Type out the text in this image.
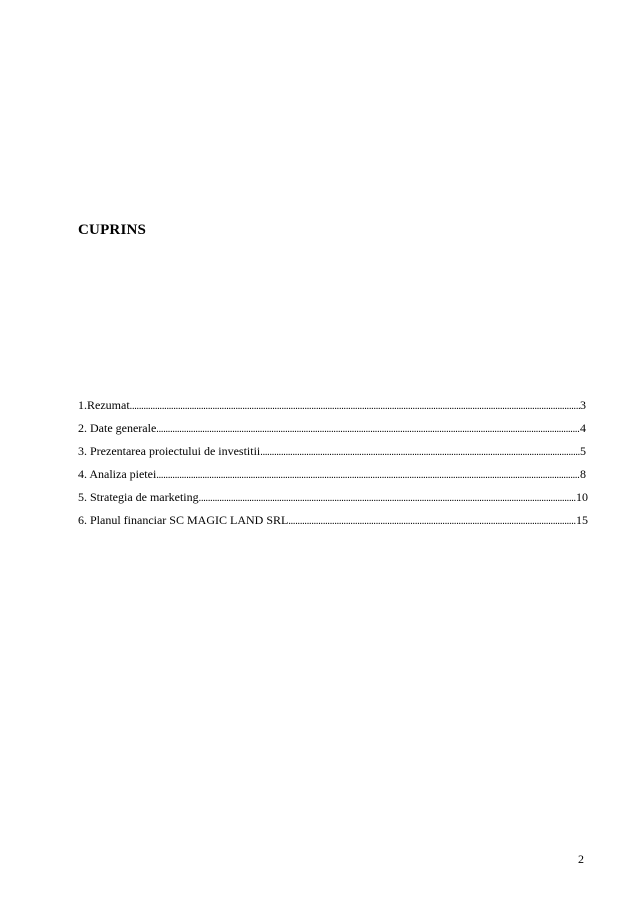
CUPRINS
1.Rezumat .....	3
2. Date generale .....	4
3. Prezentarea proiectului de investitii .....	5
4. Analiza pietei .....	8
5. Strategia de marketing .....	10
6. Planul financiar SC MAGIC LAND SRL .....	15
2
